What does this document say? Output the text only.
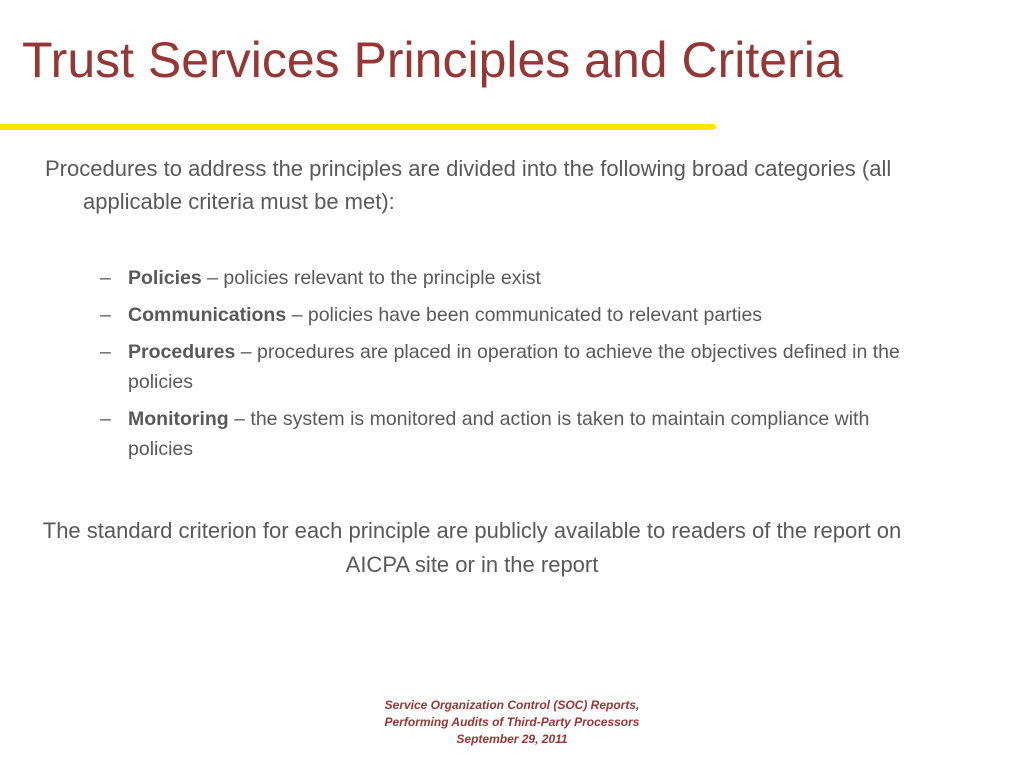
Trust Services Principles and Criteria
Procedures to address the principles are divided into the following broad categories (all applicable criteria must be met):
– Policies – policies relevant to the principle exist
– Communications – policies have been communicated to relevant parties
– Procedures – procedures are placed in operation to achieve the objectives defined in the policies
– Monitoring – the system is monitored and action is taken to maintain compliance with policies
The standard criterion for each principle are publicly available to readers of the report on AICPA site or in the report
Service Organization Control (SOC) Reports,
Performing Audits of Third-Party Processors
September 29, 2011
